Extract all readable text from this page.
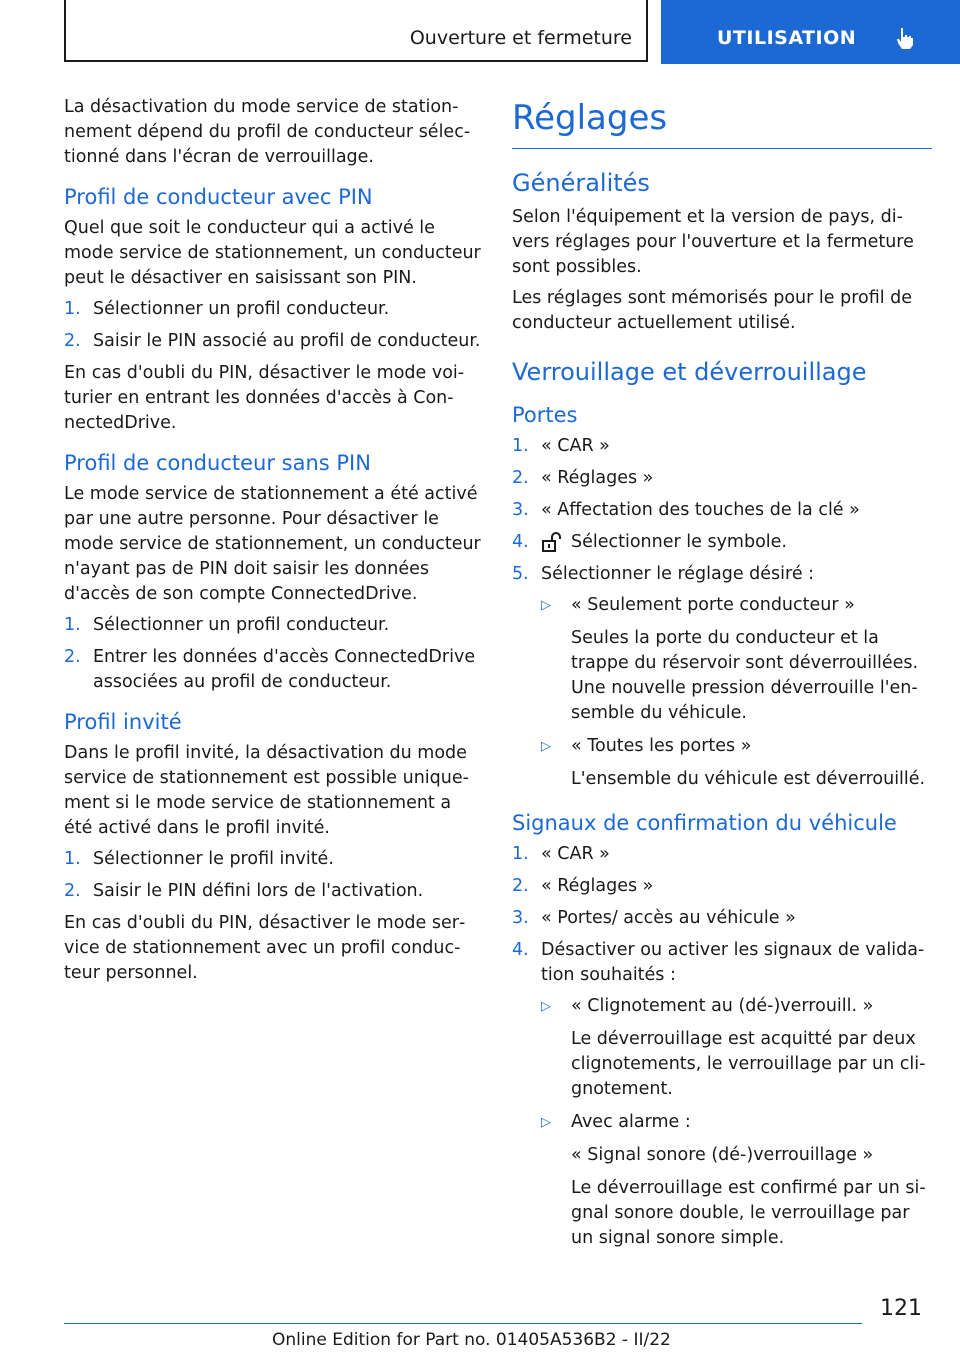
Ouverture et fermeture	UTILISATION

La désactivation du mode service de stationnement dépend du profil de conducteur sélectionné dans l'écran de verrouillage.

Profil de conducteur avec PIN

Quel que soit le conducteur qui a activé le mode service de stationnement, un conducteur peut le désactiver en saisissant son PIN.

1. Sélectionner un profil conducteur.
2. Saisir le PIN associé au profil de conducteur.

En cas d'oubli du PIN, désactiver le mode voiturier en entrant les données d'accès à ConnectedDrive.

Profil de conducteur sans PIN

Le mode service de stationnement a été activé par une autre personne. Pour désactiver le mode service de stationnement, un conducteur n'ayant pas de PIN doit saisir les données d'accès de son compte ConnectedDrive.

1. Sélectionner un profil conducteur.
2. Entrer les données d'accès ConnectedDrive associées au profil de conducteur.
Profil invité

Dans le profil invité, la désactivation du mode service de stationnement est possible uniquement si le mode service de stationnement a été activé dans le profil invité.

1. Sélectionner le profil invité.
2. Saisir le PIN défini lors de l'activation.

En cas d'oubli du PIN, désactiver le mode service de stationnement avec un profil conducteur personnel.

Réglages
Généralités

Selon l'équipement et la version de pays, divers réglages pour l'ouverture et la fermeture sont possibles.

Les réglages sont mémorisés pour le profil de conducteur actuellement utilisé.

Verrouillage et déverrouillage
Portes
1. « CAR »
2. « Réglages »
3. « Affectation des touches de la clé »
4. Sélectionner le symbole.
5. Sélectionner le réglage désiré :
▷ « Seulement porte conducteur »

Seules la porte du conducteur et la trappe du réservoir sont déverrouillées. Une nouvelle pression déverrouille l'ensemble du véhicule.

▷ « Toutes les portes »

L'ensemble du véhicule est déverrouillé.

Signaux de confirmation du véhicule
1. « CAR »
2. « Réglages »
3. « Portes/ accès au véhicule »
4. Désactiver ou activer les signaux de validation souhaités :
▷ « Clignotement au (dé-)verrouill. »

Le déverrouillage est acquitté par deux clignotements, le verrouillage par un clignotement.

▷ Avec alarme :

« Signal sonore (dé-)verrouillage »

Le déverrouillage est confirmé par un signal sonore double, le verrouillage par un signal sonore simple.

121
Online Edition for Part no. 01405A536B2 - II/22
